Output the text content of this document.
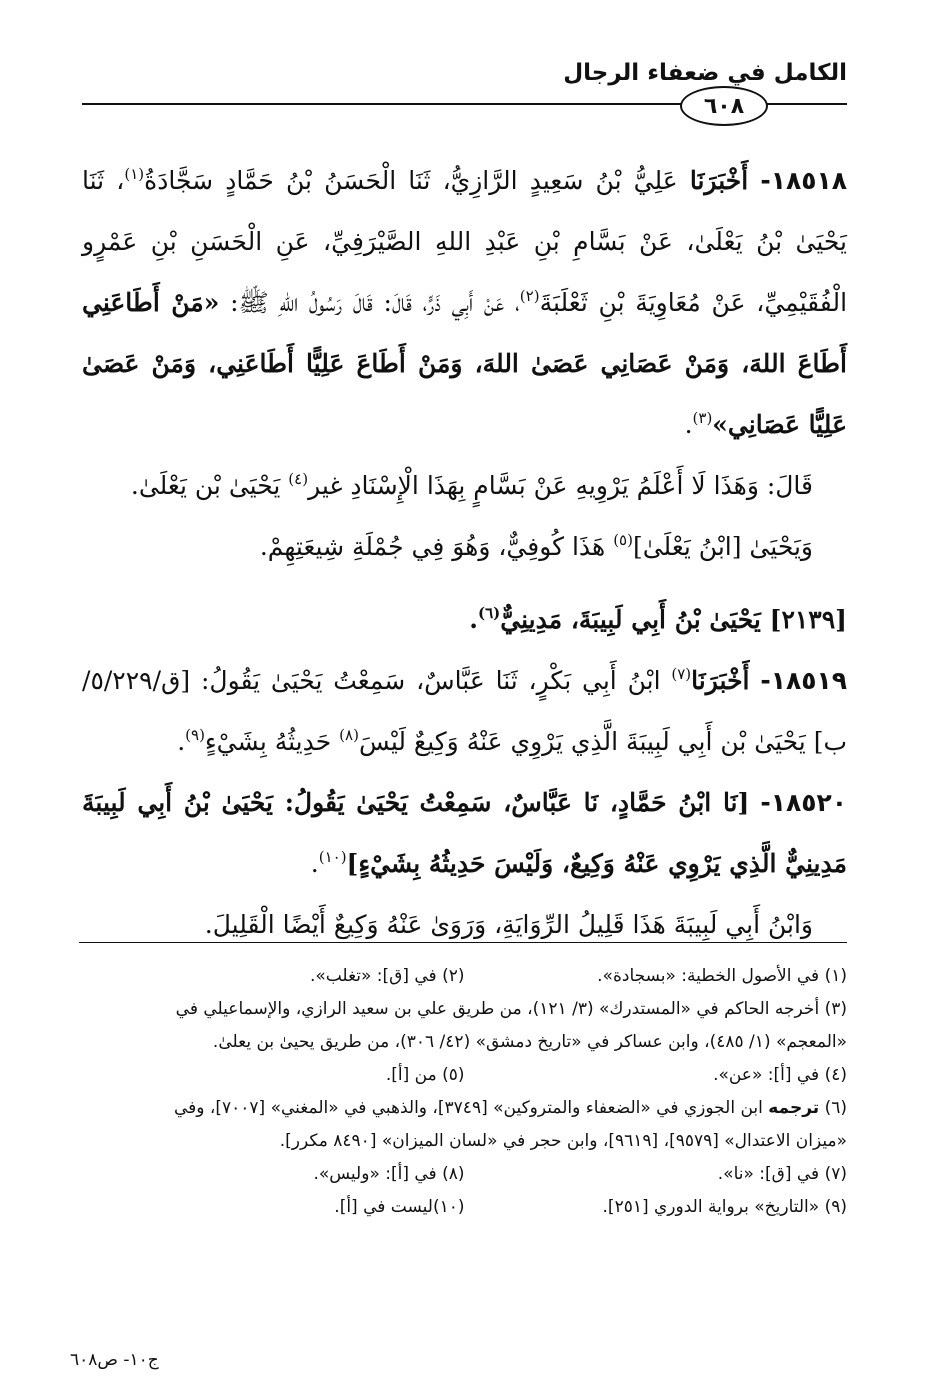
الكامل في ضعفاء الرجال
٦٠٨

١٨٥١٨- أَخْبَرَنَا عَلِيُّ بْنُ سَعِيدٍ الرَّازِيُّ، ثَنَا الْحَسَنُ بْنُ حَمَّادٍ سَجَّادَةُ$^{(١)}$، ثَنَا يَحْيَىٰ بْنُ يَعْلَىٰ، عَنْ بَسَّامِ بْنِ عَبْدِ اللهِ الصَّيْرَفِيِّ، عَنِ الْحَسَنِ بْنِ عَمْرٍو الْفُقَيْمِيِّ، عَنْ مُعَاوِيَةَ بْنِ ثَعْلَبَةَ$^{(٢)}$، عَنْ أَبِي ذَرٍّ، قَالَ: قَالَ رَسُولُ اللهِ ﷺ: «مَنْ أَطَاعَنِي أَطَاعَ اللهَ، وَمَنْ عَصَانِي عَصَىٰ اللهَ، وَمَنْ أَطَاعَ عَلِيًّا أَطَاعَنِي، وَمَنْ عَصَىٰ عَلِيًّا عَصَانِي»$^{(٣)}$.

قَالَ: وَهَذَا لَا أَعْلَمُ يَرْوِيهِ عَنْ بَسَّامٍ بِهَذَا الْإِسْنَادِ غير$^{(٤)}$ يَحْيَىٰ بْن يَعْلَىٰ.

وَيَحْيَىٰ [ابْنُ يَعْلَىٰ]$^{(٥)}$ هَذَا كُوفِيٌّ، وَهُوَ فِي جُمْلَةِ شِيعَتِهِمْ.

[٢١٣٩] يَحْيَىٰ بْنُ أَبِي لَبِيبَةَ، مَدِينِيٌّ$^{(٦)}$.

١٨٥١٩- أَخْبَرَنَا$^{(٧)}$ ابْنُ أَبِي بَكْرٍ، ثَنَا عَبَّاسٌ، سَمِعْتُ يَحْيَىٰ يَقُولُ: [ق/٥/٢٢٩/ب] يَحْيَىٰ بْن أَبِي لَبِيبَةَ الَّذِي يَرْوِي عَنْهُ وَكِيعٌ لَيْسَ$^{(٨)}$ حَدِيثُهُ بِشَيْءٍ$^{(٩)}$.

١٨٥٢٠- [نَا ابْنُ حَمَّادٍ، نَا عَبَّاسٌ، سَمِعْتُ يَحْيَىٰ يَقُولُ: يَحْيَىٰ بْنُ أَبِي لَبِيبَةَ مَدِينِيٌّ الَّذِي يَرْوِي عَنْهُ وَكِيعٌ، وَلَيْسَ حَدِيثُهُ بِشَيْءٍ]$^{(١٠)}$.

وَابْنُ أَبِي لَبِيبَةَ هَذَا قَلِيلُ الرِّوَايَةِ، وَرَوَىٰ عَنْهُ وَكِيعٌ أَيْضًا الْقَلِيلَ.

(١) في الأصول الخطية: «بسجادة».
(٢) في [ق]: «تغلب».
(٣) أخرجه الحاكم في «المستدرك» (٣/ ١٢١)، من طريق علي بن سعيد الرازي، والإسماعيلي في
«المعجم» (١/ ٤٨٥)، وابن عساكر في «تاريخ دمشق» (٤٢/ ٣٠٦)، من طريق يحيىٰ بن يعلىٰ.
(٤) في [أ]: «عن».
(٥) من [أ].
(٦) ترجمه ابن الجوزي في «الضعفاء والمتروكين» [٣٧٤٩]، والذهبي في «المغني» [٧٠٠٧]، وفي
«ميزان الاعتدال» [٩٥٧٩]، [٩٦١٩]، وابن حجر في «لسان الميزان» [٨٤٩٠ مكرر].
(٧) في [ق]: «نا».
(٨) في [أ]: «وليس».
(٩) «التاريخ» برواية الدوري [٢٥١].
(١٠)ليست في [أ].
ج١٠- ص٦٠٨
